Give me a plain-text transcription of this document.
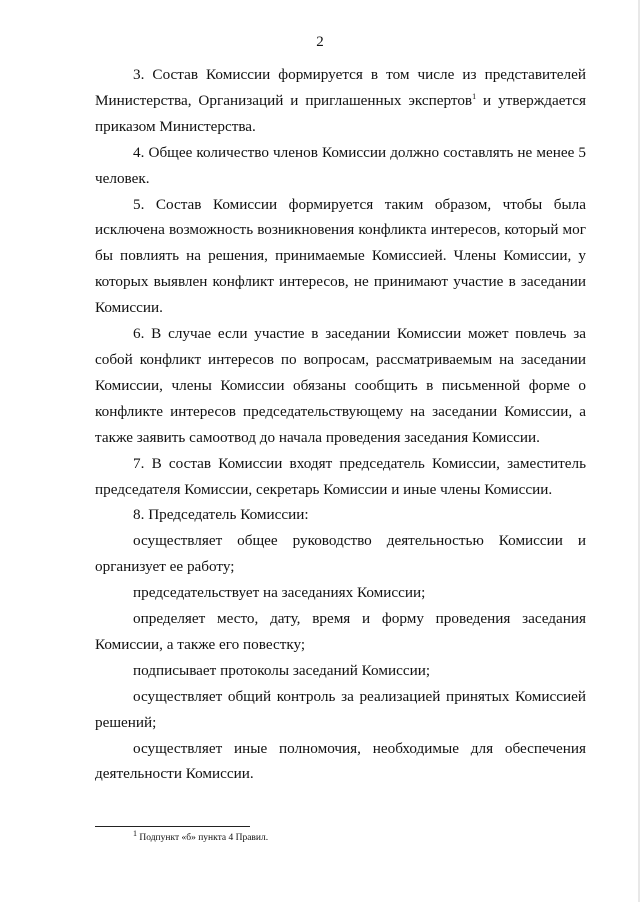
2

3. Состав Комиссии формируется в том числе из представителей Министерства, Организаций и приглашенных экспертов$^1$ и утверждается приказом Министерства.

4. Общее количество членов Комиссии должно составлять не менее 5 человек.

5. Состав Комиссии формируется таким образом, чтобы была исключена возможность возникновения конфликта интересов, который мог бы повлиять на решения, принимаемые Комиссией. Члены Комиссии, у которых выявлен конфликт интересов, не принимают участие в заседании Комиссии.

6. В случае если участие в заседании Комиссии может повлечь за собой конфликт интересов по вопросам, рассматриваемым на заседании Комиссии, члены Комиссии обязаны сообщить в письменной форме о конфликте интересов председательствующему на заседании Комиссии, а также заявить самоотвод до начала проведения заседания Комиссии.

7. В состав Комиссии входят председатель Комиссии, заместитель председателя Комиссии, секретарь Комиссии и иные члены Комиссии.

8. Председатель Комиссии:

осуществляет общее руководство деятельностью Комиссии и организует ее работу;

председательствует на заседаниях Комиссии;

определяет место, дату, время и форму проведения заседания Комиссии, а также его повестку;

подписывает протоколы заседаний Комиссии;

осуществляет общий контроль за реализацией принятых Комиссией решений;

осуществляет иные полномочия, необходимые для обеспечения деятельности Комиссии.

$^1$ Подпункт «б» пункта 4 Правил.
